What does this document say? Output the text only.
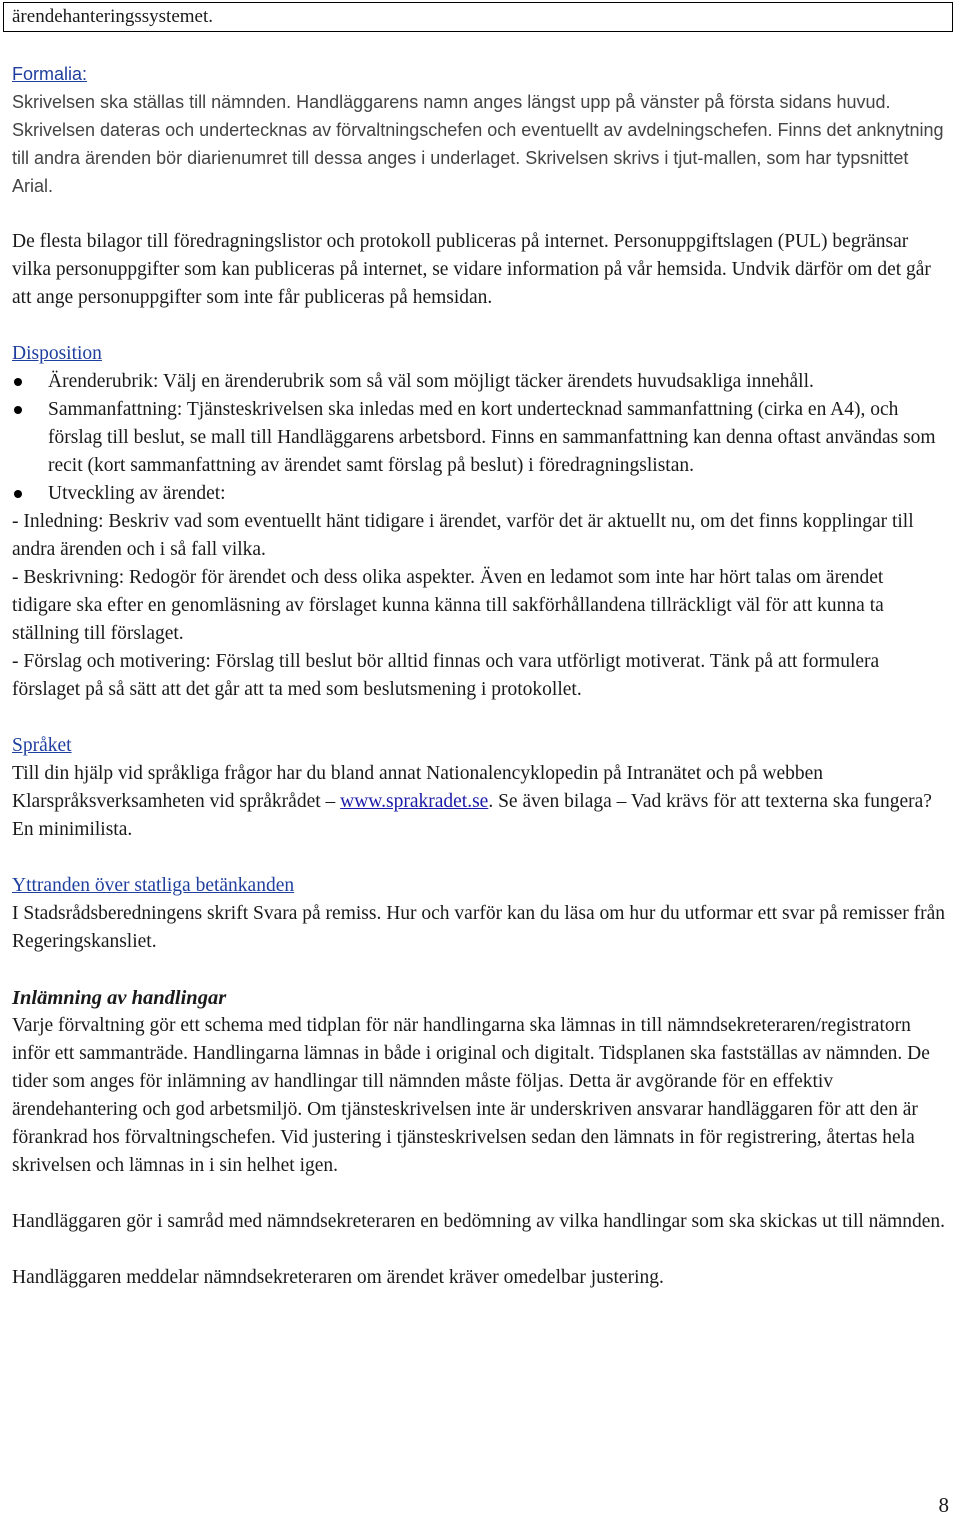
ärendehanteringssystemet.

Formalia:

Skrivelsen ska ställas till nämnden. Handläggarens namn anges längst upp på vänster på första sidans huvud. Skrivelsen dateras och undertecknas av förvaltningschefen och eventuellt av avdelningschefen. Finns det anknytning till andra ärenden bör diarienumret till dessa anges i underlaget. Skrivelsen skrivs i tjut-mallen, som har typsnittet Arial.

De flesta bilagor till föredragningslistor och protokoll publiceras på internet. Personuppgiftslagen (PUL) begränsar vilka personuppgifter som kan publiceras på internet, se vidare information på vår hemsida. Undvik därför om det går att ange personuppgifter som inte får publiceras på hemsidan.

Disposition

Ärenderubrik: Välj en ärenderubrik som så väl som möjligt täcker ärendets huvudsakliga innehåll.
Sammanfattning: Tjänsteskrivelsen ska inledas med en kort undertecknad sammanfattning (cirka en A4), och förslag till beslut, se mall till Handläggarens arbetsbord. Finns en sammanfattning kan denna oftast användas som recit (kort sammanfattning av ärendet samt förslag på beslut) i föredragningslistan.
Utveckling av ärendet:

- Inledning: Beskriv vad som eventuellt hänt tidigare i ärendet, varför det är aktuellt nu, om det finns kopplingar till andra ärenden och i så fall vilka.

- Beskrivning: Redogör för ärendet och dess olika aspekter. Även en ledamot som inte har hört talas om ärendet tidigare ska efter en genomläsning av förslaget kunna känna till sakförhållandena tillräckligt väl för att kunna ta ställning till förslaget.

- Förslag och motivering: Förslag till beslut bör alltid finnas och vara utförligt motiverat. Tänk på att formulera förslaget på så sätt att det går att ta med som beslutsmening i protokollet.

Språket

Till din hjälp vid språkliga frågor har du bland annat Nationalencyklopedin på Intranätet och på webben Klarspråksverksamheten vid språkrådet – www.sprakradet.se. Se även bilaga – Vad krävs för att texterna ska fungera? En minimilista.

Yttranden över statliga betänkanden

I Stadsrådsberedningens skrift Svara på remiss. Hur och varför kan du läsa om hur du utformar ett svar på remisser från Regeringskansliet.

Inlämning av handlingar

Varje förvaltning gör ett schema med tidplan för när handlingarna ska lämnas in till nämndsekreteraren/registratorn inför ett sammanträde. Handlingarna lämnas in både i original och digitalt. Tidsplanen ska fastställas av nämnden. De tider som anges för inlämning av handlingar till nämnden måste följas. Detta är avgörande för en effektiv ärendehantering och god arbetsmiljö. Om tjänsteskrivelsen inte är underskriven ansvarar handläggaren för att den är förankrad hos förvaltningschefen. Vid justering i tjänsteskrivelsen sedan den lämnats in för registrering, återtas hela skrivelsen och lämnas in i sin helhet igen.

Handläggaren gör i samråd med nämndsekreteraren en bedömning av vilka handlingar som ska skickas ut till nämnden.

Handläggaren meddelar nämndsekreteraren om ärendet kräver omedelbar justering.

8
